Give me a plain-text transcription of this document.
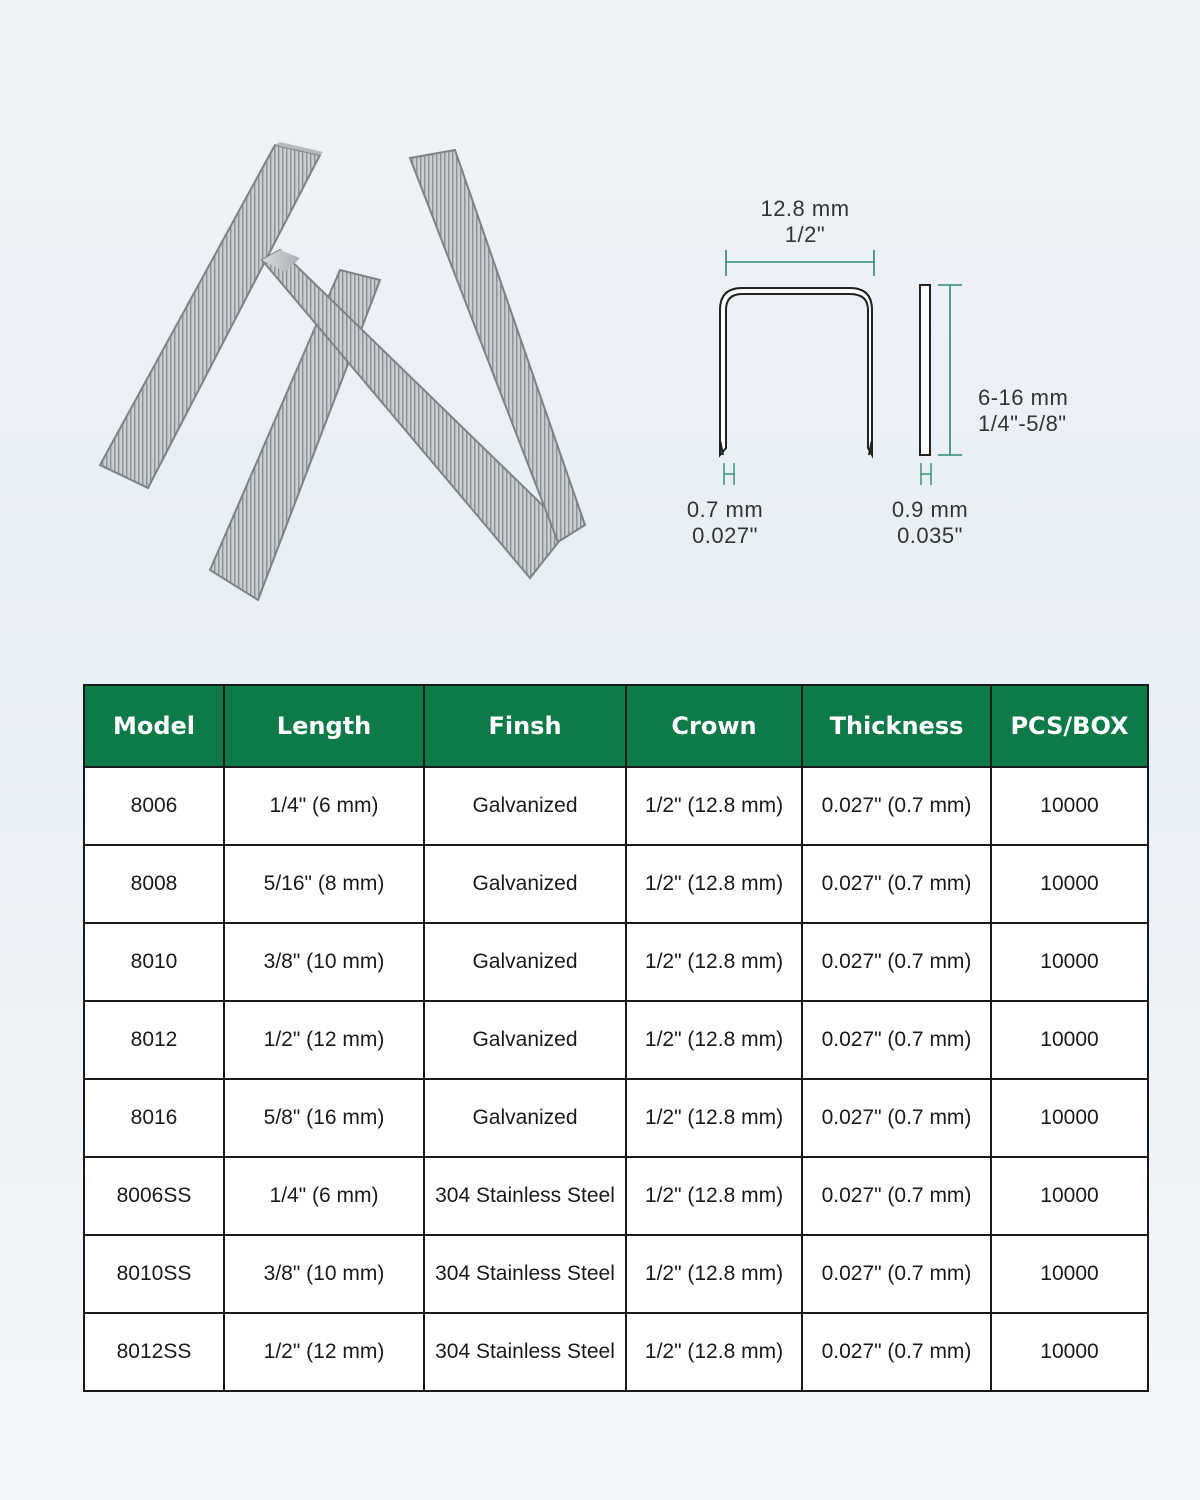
12.8 mm
1/2"
6-16 mm
1/4"-5/8"
0.7 mm
0.027"
0.9 mm
0.035"
Model	Length	Finsh	Crown	Thickness	PCS/BOX
8006	1/4" (6 mm)	Galvanized	1/2" (12.8 mm)	0.027" (0.7 mm)	10000
8008	5/16" (8 mm)	Galvanized	1/2" (12.8 mm)	0.027" (0.7 mm)	10000
8010	3/8" (10 mm)	Galvanized	1/2" (12.8 mm)	0.027" (0.7 mm)	10000
8012	1/2" (12 mm)	Galvanized	1/2" (12.8 mm)	0.027" (0.7 mm)	10000
8016	5/8" (16 mm)	Galvanized	1/2" (12.8 mm)	0.027" (0.7 mm)	10000
8006SS	1/4" (6 mm)	304 Stainless Steel	1/2" (12.8 mm)	0.027" (0.7 mm)	10000
8010SS	3/8" (10 mm)	304 Stainless Steel	1/2" (12.8 mm)	0.027" (0.7 mm)	10000
8012SS	1/2" (12 mm)	304 Stainless Steel	1/2" (12.8 mm)	0.027" (0.7 mm)	10000
